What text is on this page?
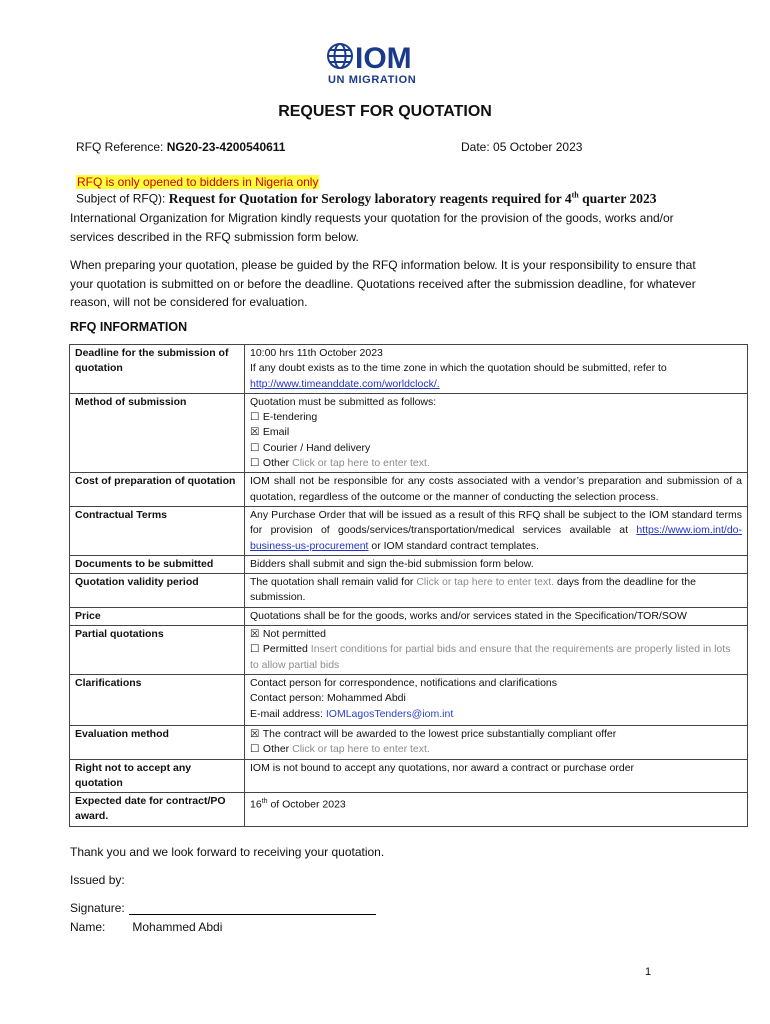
IOM
UN MIGRATION
REQUEST FOR QUOTATION
RFQ Reference: NG20-23-4200540611	Date: 05 October 2023
RFQ is only opened to bidders in Nigeria only
Subject of RFQ): Request for Quotation for Serology laboratory reagents required for 4th quarter 2023
International Organization for Migration kindly requests your quotation for the provision of the goods, works and/or services described in the RFQ submission form below.
When preparing your quotation, please be guided by the RFQ information below. It is your responsibility to ensure that your quotation is submitted on or before the deadline. Quotations received after the submission deadline, for whatever reason, will not be considered for evaluation.
RFQ INFORMATION
Deadline for the submission of quotation	10:00 hrs 11th October 2023
If any doubt exists as to the time zone in which the quotation should be submitted, refer to
http://www.timeanddate.com/worldclock/.
Method of submission	Quotation must be submitted as follows:
☐ E-tendering
☒ Email
☐ Courier / Hand delivery
☐ Other Click or tap here to enter text.

Cost of preparation of quotation	IOM shall not be responsible for any costs associated with a vendor’s preparation and submission of a quotation, regardless of the outcome or the manner of conducting the selection process.
Contractual Terms	Any Purchase Order that will be issued as a result of this RFQ shall be subject to the IOM standard terms for provision of goods/services/transportation/medical services available at https://www.iom.int/do-business-us-procurement or IOM standard contract templates.
Documents to be submitted	Bidders shall submit and sign the-bid submission form below.
Quotation validity period	The quotation shall remain valid for Click or tap here to enter text. days from the deadline for the submission.
Price	Quotations shall be for the goods, works and/or services stated in the Specification/TOR/SOW
Partial quotations	☒ Not permitted
☐ Permitted Insert conditions for partial bids and ensure that the requirements are properly listed in lots to allow partial bids

Clarifications	Contact person for correspondence, notifications and clarifications
Contact person: Mohammed Abdi
E-mail address: IOMLagosTenders@iom.int

Evaluation method	☒ The contract will be awarded to the lowest price substantially compliant offer
☐ Other Click or tap here to enter text.

Right not to accept any quotation	IOM is not bound to accept any quotations, nor award a contract or purchase order
Expected date for contract/PO award.	16th of October 2023
Thank you and we look forward to receiving your quotation.
Issued by:
Signature:
Name: Mohammed Abdi
1
